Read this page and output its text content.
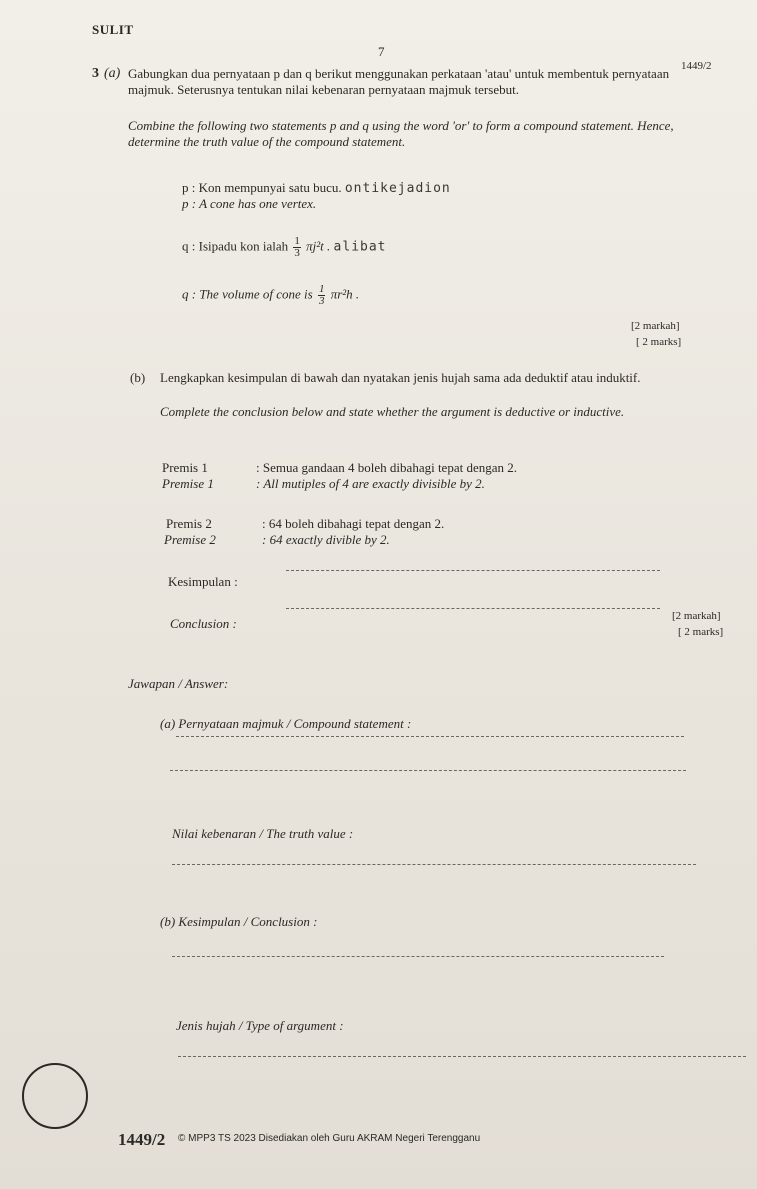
SULIT
7
1449/2
3 (a) Gabungkan dua pernyataan p dan q berikut menggunakan perkataan 'atau' untuk membentuk pernyataan majmuk. Seterusnya tentukan nilai kebenaran pernyataan majmuk tersebut.
Combine the following two statements p and q using the word 'or' to form a compound statement. Hence, determine the truth value of the compound statement.
p : Kon mempunyai satu bucu. ontikejadion
p : A cone has one vertex.
q : Isipadu kon ialah $\frac{1}{3} \pi j^2t$ . alibat
q : The volume of cone is $\frac{1}{3} \pi r^2h$ .
[2 markah]
[ 2 marks]
(b) Lengkapkan kesimpulan di bawah dan nyatakan jenis hujah sama ada deduktif atau induktif.
Complete the conclusion below and state whether the argument is deductive or inductive.
Premis 1	: Semua gandaan 4 boleh dibahagi tepat dengan 2.
Premise 1	: All mutiples of 4 are exactly divisible by 2.
Premis 2	: 64 boleh dibahagi tepat dengan 2.
Premise 2	: 64 exactly divible by 2.
Kesimpulan :
Conclusion :	[2 markah]
[ 2 marks]
Jawapan / Answer:
(a) Pernyataan majmuk / Compound statement :
Nilai kebenaran / The truth value :
(b) Kesimpulan / Conclusion :
Jenis hujah / Type of argument :
1449/2 © MPP3 TS 2023 Disediakan oleh Guru AKRAM Negeri Terengganu
